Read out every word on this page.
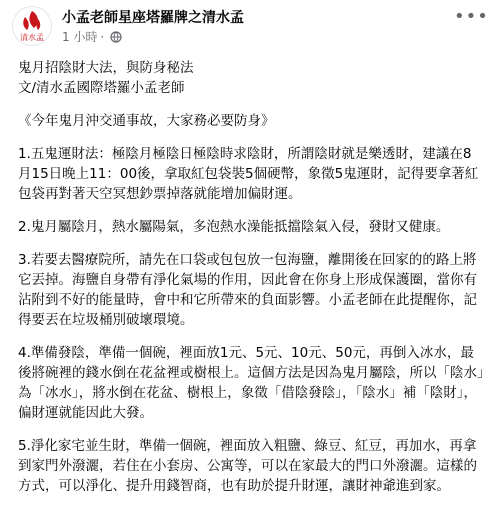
清水孟
小孟老師星座塔羅牌之清水孟
1 小時 ·
•••

鬼月招陰財大法，與防身秘法
文/清水孟國際塔羅小孟老師

《今年鬼月沖交通事故，大家務必要防身》

1.五鬼運財法：極陰月極陰日極陰時求陰財，所謂陰財就是樂透財，建議在8月15日晚上11：00後，拿取紅包袋裝5個硬幣，象徵5鬼運財，記得要拿著紅包袋再對著天空冥想鈔票掉落就能增加偏財運。

2.鬼月屬陰月，熱水屬陽氣，多泡熱水澡能抵擋陰氣入侵，發財又健康。

3.若要去醫療院所，請先在口袋或包包放一包海鹽，離開後在回家的的路上將它丟掉。海鹽自身帶有淨化氣場的作用，因此會在你身上形成保護圈，當你有沾附到不好的能量時，會中和它所帶來的負面影響。小孟老師在此提醒你，記得要丟在垃圾桶別破壞環境。

4.準備發陰，準備一個碗，裡面放1元、5元、10元、50元，再倒入冰水，最後將碗裡的錢水倒在花盆裡或樹根上。這個方法是因為鬼月屬陰，所以「陰水」為「冰水」，將水倒在花盆、樹根上，象徵「借陰發陰」，「陰水」補「陰財」，偏財運就能因此大發。

5.淨化家宅並生財，準備一個碗，裡面放入粗鹽、綠豆、紅豆，再加水，再拿到家門外潑灑，若住在小套房、公寓等，可以在家最大的門口外潑灑。這樣的方式，可以淨化、提升用錢智商，也有助於提升財運，讓財神爺進到家。
